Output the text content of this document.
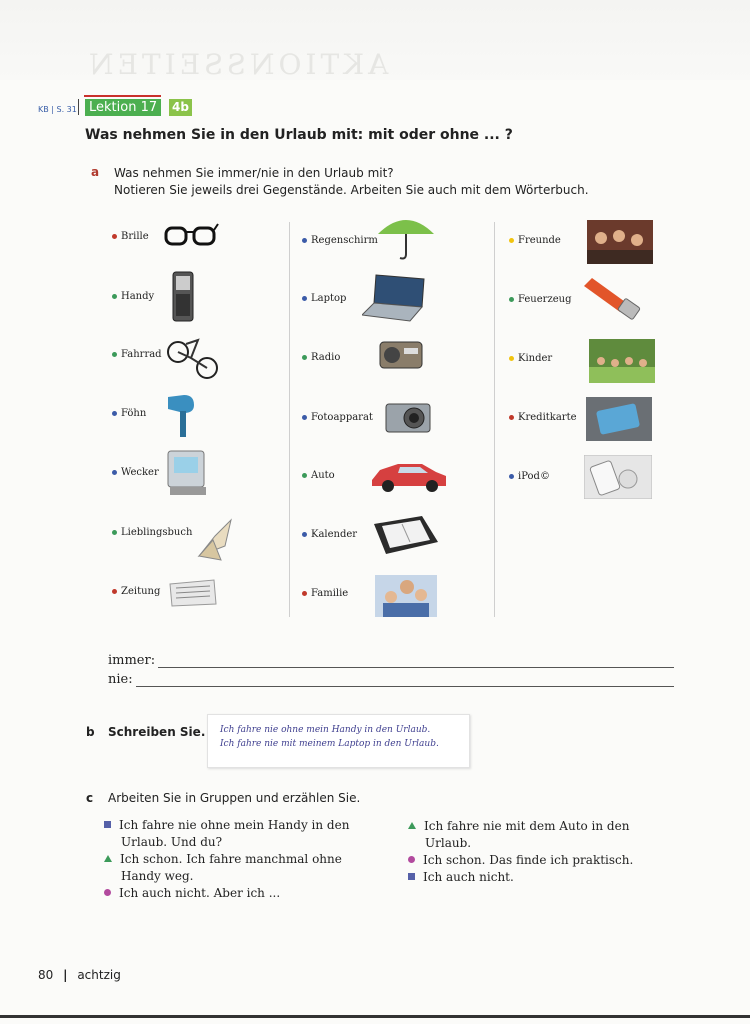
AKTIONSSEITEN
KB | S. 31 Lektion 17	4b
Was nehmen Sie in den Urlaub mit: mit oder ohne ... ?
a Was nehmen Sie immer/nie in den Urlaub mit?
Notieren Sie jeweils drei Gegenstände. Arbeiten Sie auch mit dem Wörterbuch.
Brille
Handy
Fahrrad
Föhn
Wecker
Lieblingsbuch
Zeitung
Regenschirm
Laptop
Radio
Fotoapparat
Auto
Kalender
Familie
Freunde
Feuerzeug
Kinder
Kreditkarte
iPod©
immer:
nie:
b Schreiben Sie. Ich fahre nie ohne mein Handy in den Urlaub.
Ich fahre nie mit meinem Laptop in den Urlaub.
c Arbeiten Sie in Gruppen und erzählen Sie.
Ich fahre nie ohne mein Handy in den
Urlaub. Und du?
Ich schon. Ich fahre manchmal ohne
Handy weg.
Ich auch nicht. Aber ich ...
Ich fahre nie mit dem Auto in den
Urlaub.
Ich schon. Das finde ich praktisch.
Ich auch nicht.
80 | achtzig
